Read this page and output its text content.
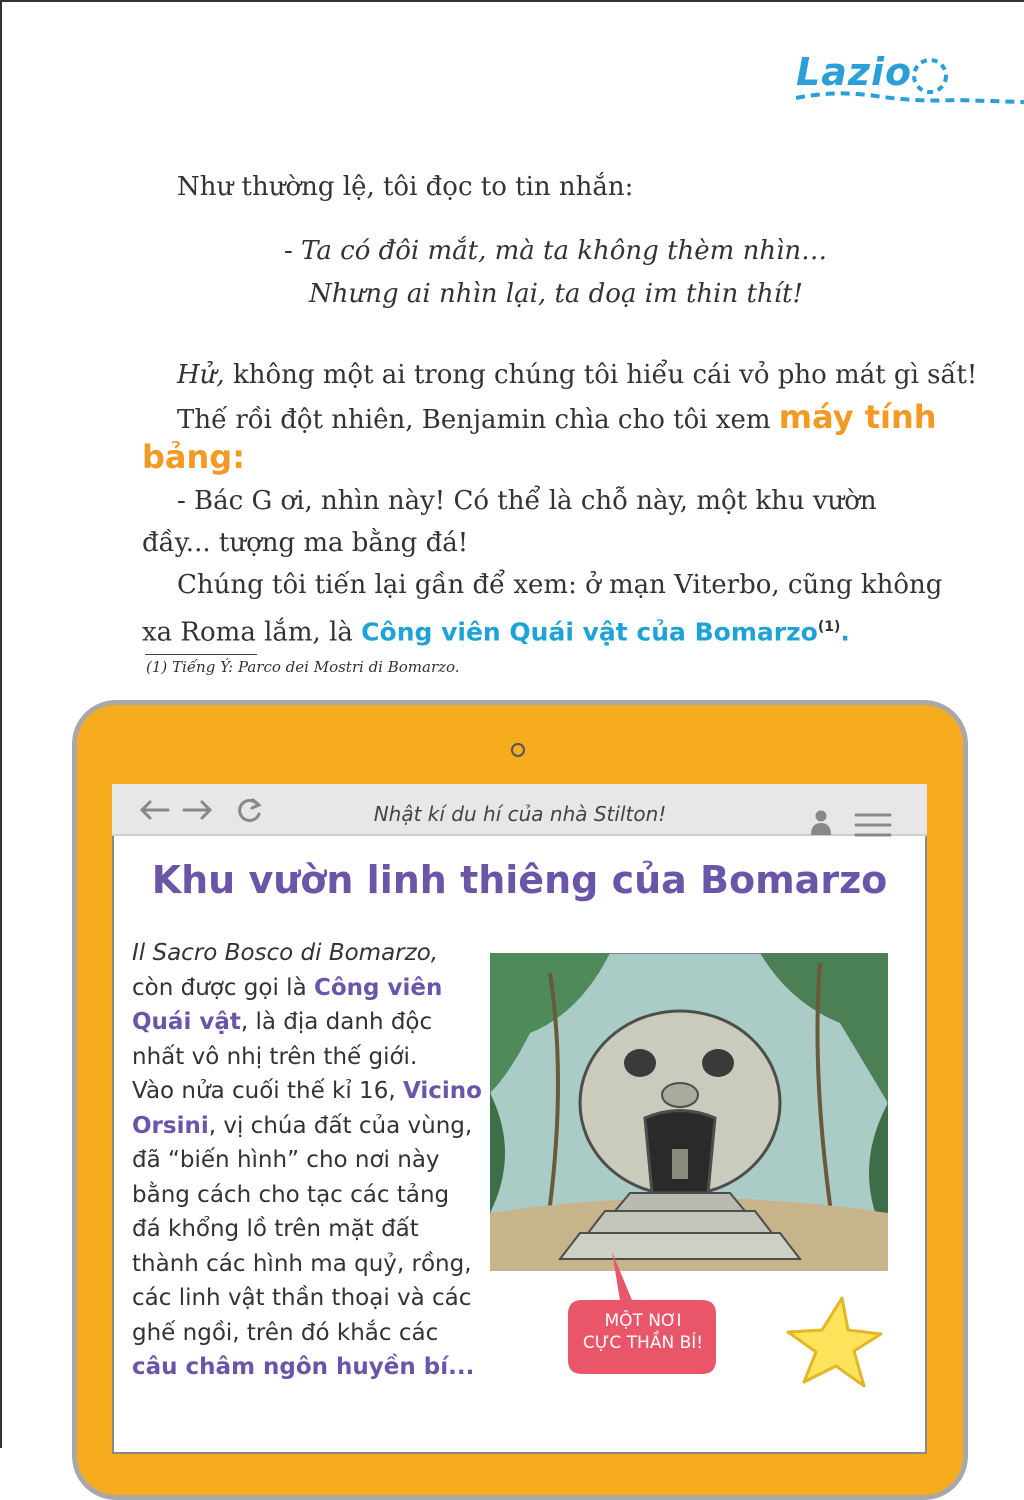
Lazio
Như thường lệ, tôi đọc to tin nhắn:
- Ta có đôi mắt, mà ta không thèm nhìn…
Nhưng ai nhìn lại, ta doạ im thin thít!
Hử, không một ai trong chúng tôi hiểu cái vỏ pho mát gì sất!
Thế rồi đột nhiên, Benjamin chìa cho tôi xem máy tính
bảng:
- Bác G ơi, nhìn này! Có thể là chỗ này, một khu vườn
đầy... tượng ma bằng đá!
Chúng tôi tiến lại gần để xem: ở mạn Viterbo, cũng không
xa Roma lắm, là Công viên Quái vật của Bomarzo$^{(1)}$.
(1) Tiếng Ý: Parco dei Mostri di Bomarzo.
Nhật kí du hí của nhà Stilton!
Khu vườn linh thiêng của Bomarzo
Il Sacro Bosco di Bomarzo,
còn được gọi là Công viên
Quái vật, là địa danh độc
nhất vô nhị trên thế giới.
Vào nửa cuối thế kỉ 16, Vicino
Orsini, vị chúa đất của vùng,
đã “biến hình” cho nơi này
bằng cách cho tạc các tảng
đá khổng lồ trên mặt đất
thành các hình ma quỷ, rồng,
các linh vật thần thoại và các
ghế ngồi, trên đó khắc các
câu châm ngôn huyền bí...
MỘT NƠI
CỰC THẦN BÍ!
